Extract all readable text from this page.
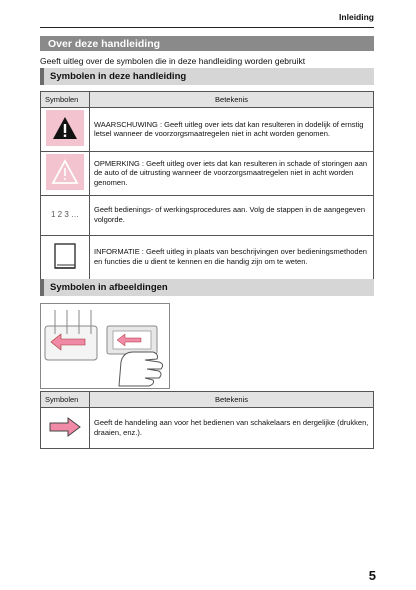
Inleiding
Over deze handleiding
Geeft uitleg over de symbolen die in deze handleiding worden gebruikt
Symbolen in deze handleiding
Symbolen	Betekenis
	WAARSCHUWING : Geeft uitleg over iets dat kan resulteren in dodelijk of ernstig letsel wanneer de voorzorgsmaatregelen niet in acht worden genomen.
	OPMERKING : Geeft uitleg over iets dat kan resulteren in schade of storingen aan de auto of de uitrusting wanneer de voorzorgsmaatregelen niet in acht worden genomen.
1 2 3 …	Geeft bedienings- of werkingsprocedures aan. Volg de stappen in de aangegeven volgorde.
	INFORMATIE : Geeft uitleg in plaats van beschrijvingen over bedieningsmethoden en functies die u dient te kennen en die handig zijn om te weten.
Symbolen in afbeeldingen
Symbolen	Betekenis
	Geeft de handeling aan voor het bedienen van schakelaars en dergelijke (drukken, draaien, enz.).
5
